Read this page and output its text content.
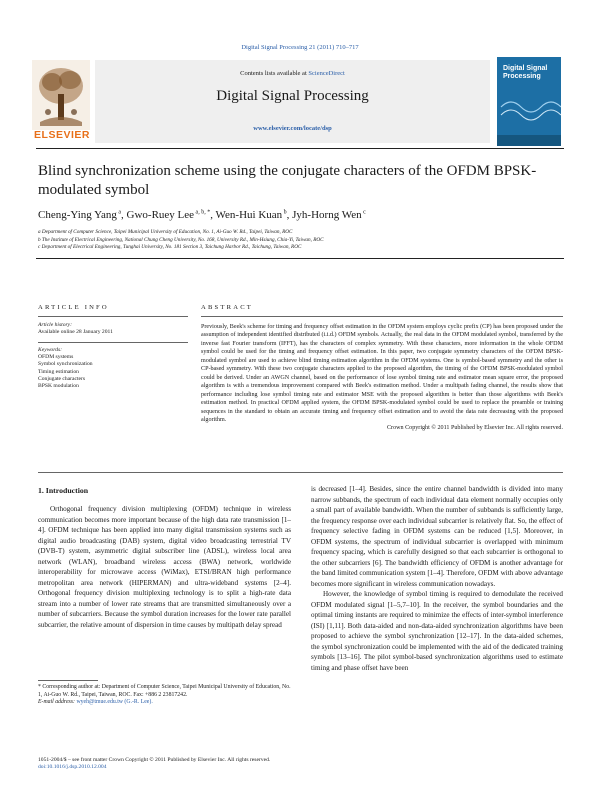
Digital Signal Processing 21 (2011) 710–717
Contents lists available at ScienceDirect
Digital Signal Processing
www.elsevier.com/locate/dsp
ELSEVIER
Digital Signal Processing
Blind synchronization scheme using the conjugate characters of the OFDM BPSK-modulated symbol
Cheng-Ying Yang $^a$, Gwo-Ruey Lee $^{a, b, *}$, Wen-Hui Kuan $^b$, Jyh-Horng Wen $^c$
a Department of Computer Science, Taipei Municipal University of Education, No. 1, Ai-Guo W. Rd., Taipei, Taiwan, ROC
b The Institute of Electrical Engineering, National Chung Cheng University, No. 168, University Rd., Min-Hsiung, Chia-Yi, Taiwan, ROC
c Department of Electrical Engineering, Tunghai University, No. 181 Section 3, Taichung Harbor Rd., Taichung, Taiwan, ROC
ARTICLE INFO	ABSTRACT
Article history:
Available online 28 January 2011
Keywords:
OFDM systems
Symbol synchronization
Timing estimation
Conjugate characters
BPSK modulation
Previously, Beek's scheme for timing and frequency offset estimation in the OFDM system employs cyclic prefix (CP) has been proposed under the assumption of independent identified distributed (i.i.d.) OFDM symbols. Actually, the real data in the OFDM modulated symbol, transferred by the inverse fast Fourier transform (IFFT), has the characters of complex symmetry. With these characters, more information in the whole OFDM symbol could be used for the timing and frequency offset estimation. In this paper, two conjugate symmetry characters of the OFDM BPSK-modulated symbol are used to achieve blind timing estimation algorithm in the OFDM systems. One is symbol-based symmetry and the other is CP-based symmetry. With these two conjugate characters applied to the proposed algorithm, the timing of the OFDM BPSK-modulated symbol could be derived. Under an AWGN channel, based on the performance of lose symbol timing rate and estimator mean square error, the proposed algorithm is with a tremendous improvement compared with Beek's estimation method. Under a multipath fading channel, the results show that performance including lose symbol timing rate and estimator MSE with the proposed algorithm is better than those algorithms with Beek's estimation method. In practical OFDM applied system, the OFDM BPSK-modulated symbol could be used to replace the preamble or training sequences in the standard to obtain an accurate timing and frequency offset estimation and to avoid the data rate decreasing with the proposed algorithm.
Crown Copyright © 2011 Published by Elsevier Inc. All rights reserved.
1. Introduction

Orthogonal frequency division multiplexing (OFDM) technique in wireless communication becomes more important because of the high data rate transmission [1–4]. OFDM technique has been applied into many digital transmission systems such as digital audio broadcasting (DAB) system, digital video broadcasting terrestrial TV (DVB-T) system, asymmetric digital subscriber line (ADSL), wireless local area network (WLAN), broadband wireless access (BWA) network, worldwide interoperability for microwave access (WiMax), ETSI/BRAN high performance metropolitan area network (HIPERMAN) and ultra-wideband systems [2–4]. Orthogonal frequency division multiplexing technology is to split a high-rate data stream into a number of lower rate streams that are transmitted simultaneously over a number of subcarriers. Because the symbol duration increases for the lower rate parallel subcarrier, the relative amount of dispersion in time causes by multipath delay spread

is decreased [1–4]. Besides, since the entire channel bandwidth is divided into many narrow subbands, the spectrum of each individual data element normally occupies only a small part of available bandwidth. When the number of subbands is sufficiently large, the frequency response over each individual subcarrier is relatively flat. So, the effect of frequency selective fading in OFDM systems can be reduced [1,5]. Moreover, in OFDM systems, the spectrum of individual subcarrier is overlapped with minimum frequency spacing, which is carefully designed so that each subcarrier is orthogonal to the other subcarriers [6]. The bandwidth efficiency of OFDM is another advantage for the band limited communication system [1–4]. Therefore, OFDM with above advantage becomes more significant in wireless communication nowadays.

However, the knowledge of symbol timing is required to demodulate the received OFDM modulated signal [1–5,7–10]. In the receiver, the symbol boundaries and the optimal timing instants are required to minimize the effects of inter-symbol interference (ISI) [1,11]. Both data-aided and non-data-aided synchronization algorithms have been proposed to achieve the symbol synchronization [12–17]. In the data-aided schemes, the symbol synchronization could be implemented with the aid of the dedicated training symbols [13–16]. The pilot symbol-based synchronization algorithms used to estimate timing and phase offset have been

* Corresponding author at: Department of Computer Science, Taipei Municipal University of Education, No. 1, Ai-Guo W. Rd., Taipei, Taiwan, ROC. Fax: +886 2 23817242.
E-mail address: wyeh@tmue.edu.tw (G.-R. Lee).
1051-2004/$ – see front matter Crown Copyright © 2011 Published by Elsevier Inc. All rights reserved.
doi:10.1016/j.dsp.2010.12.004
